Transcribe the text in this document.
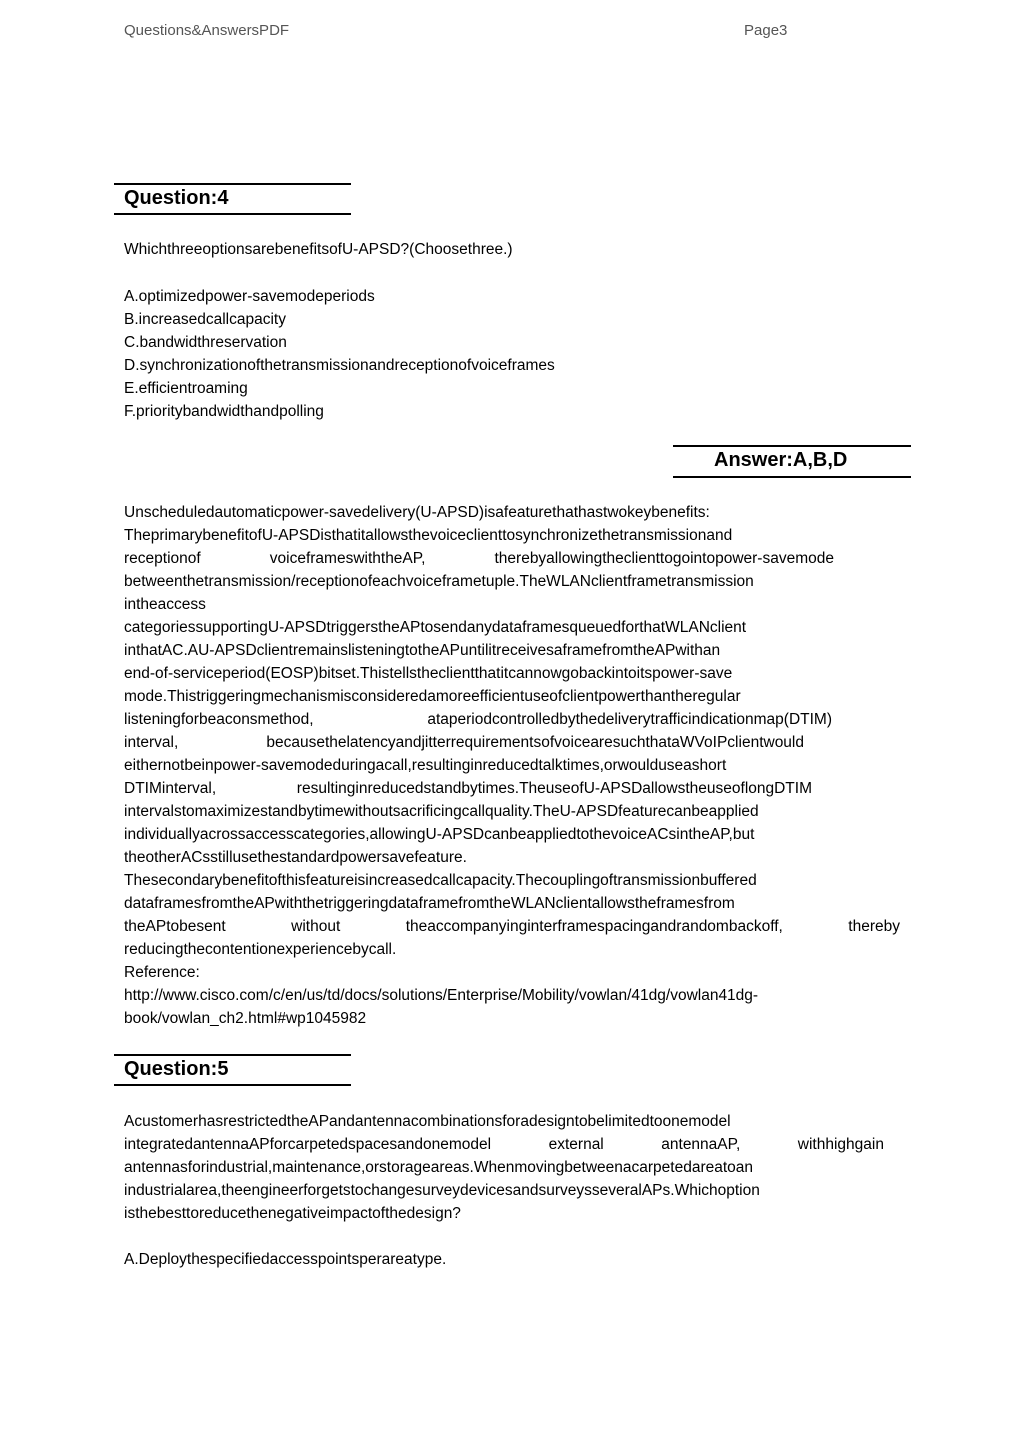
Questions&AnswersPDF	Page3
Question:4
WhichthreeoptionsarebenefitsofU-APSD?(Choosethree.)
A.optimizedpower-savemodeperiods
B.increasedcallcapacity
C.bandwidthreservation
D.synchronizationofthetransmissionandreceptionofvoiceframes
E.efficientroaming
F.prioritybandwidthandpolling
Answer:A,B,D
Unscheduledautomaticpower-savedelivery(U-APSD)isafeaturethathastwokeybenefits:
TheprimarybenefitofU-APSDisthatitallowsthevoiceclienttosynchronizethetransmissionand
receptionof	voiceframeswiththeAP,	therebyallowingtheclienttogointopower-savemode
betweenthetransmission/receptionofeachvoiceframetuple.TheWLANclientframetransmission
intheaccess
categoriessupportingU-APSDtriggerstheAPtosendanydataframesqueuedforthatWLANclient
inthatAC.AU-APSDclientremainslisteningtotheAPuntilitreceivesaframefromtheAPwithan
end-of-serviceperiod(EOSP)bitset.Thistellstheclientthatitcannowgobackintoitspower-save
mode.Thistriggeringmechanismisconsideredamoreefficientuseofclientpowerthantheregular
listeningforbeaconsmethod,	ataperiodcontrolledbythedeliverytrafficindicationmap(DTIM)
interval,	becausethelatencyandjitterrequirementsofvoicearesuchthataWVoIPclientwould
eithernotbeinpower-savemodeduringacall,resultinginreducedtalktimes,orwoulduseashort
DTIMinterval,	resultinginreducedstandbytimes.TheuseofU-APSDallowstheuseoflongDTIM
intervalstomaximizestandbytimewithoutsacrificingcallquality.TheU-APSDfeaturecanbeapplied
individuallyacrossaccesscategories,allowingU-APSDcanbeappliedtothevoiceACsintheAP,but
theotherACsstillusethestandardpowersavefeature.
Thesecondarybenefitofthisfeatureisincreasedcallcapacity.Thecouplingoftransmissionbuffered
dataframesfromtheAPwiththetriggeringdataframefromtheWLANclientallowstheframesfrom
theAPtobesent	without	theaccompanyinginterframespacingandrandombackoff,	thereby
reducingthecontentionexperiencebycall.
Reference:
http://www.cisco.com/c/en/us/td/docs/solutions/Enterprise/Mobility/vowlan/41dg/vowlan41dg-
book/vowlan_ch2.html#wp1045982
Question:5
AcustomerhasrestrictedtheAPandantennacombinationsforadesigntobelimitedtoonemodel
integratedantennaAPforcarpetedspacesandonemodel	external	antennaAP,	withhighgain
antennasforindustrial,maintenance,orstorageareas.Whenmovingbetweenacarpetedareatoan
industrialarea,theengineerforgetstochangesurveydevicesandsurveysseveralAPs.Whichoption
isthebesttoreducethenegativeimpactofthedesign?
A.Deploythespecifiedaccesspointsperareatype.
